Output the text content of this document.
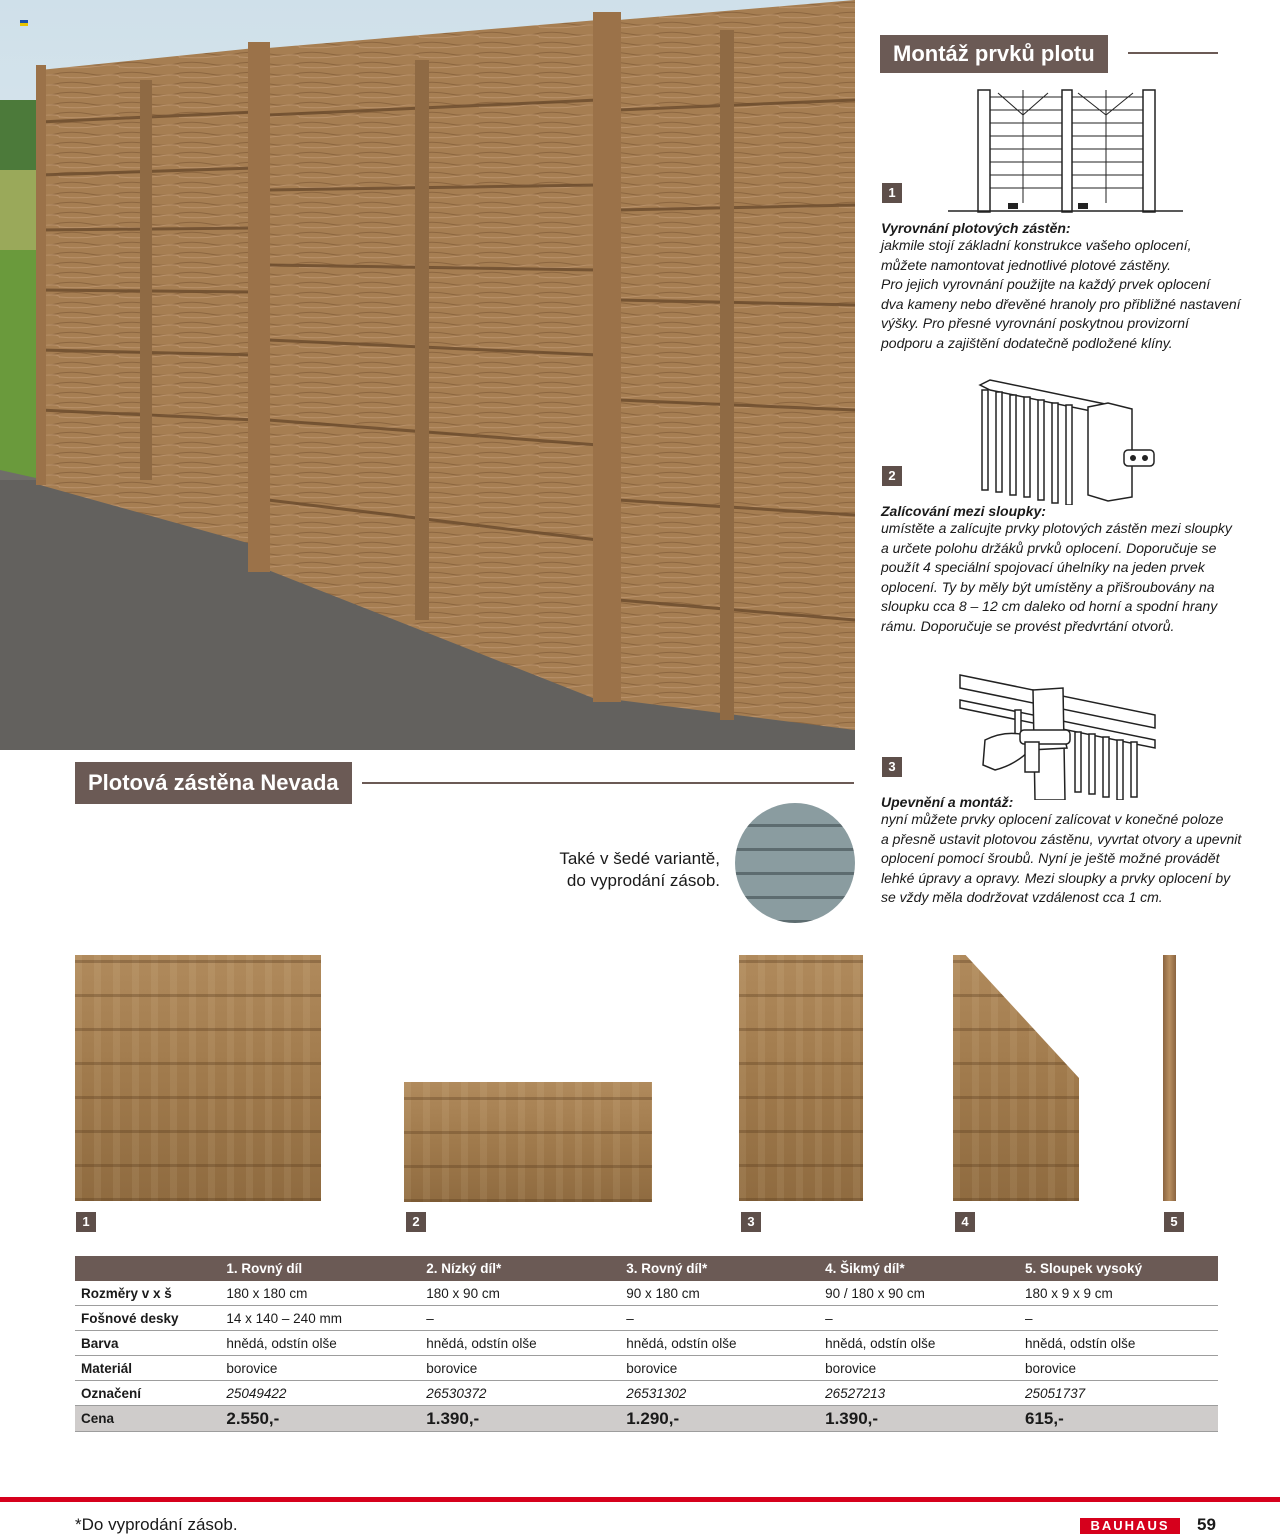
Montáž prvků plotu
1
Vyrovnání plotových zástěn:
jakmile stojí základní konstrukce vašeho oplocení,
můžete namontovat jednotlivé plotové zástěny.
Pro jejich vyrovnání použijte na každý prvek oplocení
dva kameny nebo dřevěné hranoly pro přibližné nastavení
výšky. Pro přesné vyrovnání poskytnou provizorní
podporu a zajištění dodatečně podložené klíny.
2
Zalícování mezi sloupky:
umístěte a zalícujte prvky plotových zástěn mezi sloupky
a určete polohu držáků prvků oplocení. Doporučuje se
použít 4 speciální spojovací úhelníky na jeden prvek
oplocení. Ty by měly být umístěny a přišroubovány na
sloupku cca 8 – 12 cm daleko od horní a spodní hrany
rámu. Doporučuje se provést předvrtání otvorů.
3
Upevnění a montáž:
nyní můžete prvky oplocení zalícovat v konečné poloze
a přesně ustavit plotovou zástěnu, vyvrtat otvory a upevnit
oplocení pomocí šroubů. Nyní je ještě možné provádět
lehké úpravy a opravy. Mezi sloupky a prvky oplocení by
se vždy měla dodržovat vzdálenost cca 1 cm.
Plotová zástěna Nevada
Také v šedé variantě,
do vyprodání zásob.
1	2	3	4	5
	1. Rovný díl	2. Nízký díl*	3. Rovný díl*	4. Šikmý díl*	5. Sloupek vysoký
Rozměry v x š	180 x 180 cm	180 x 90 cm	90 x 180 cm	90 / 180 x 90 cm	180 x 9 x 9 cm
Fošnové desky	14 x 140 – 240 mm	–	–	–	–
Barva	hnědá, odstín olše	hnědá, odstín olše	hnědá, odstín olše	hnědá, odstín olše	hnědá, odstín olše
Materiál	borovice	borovice	borovice	borovice	borovice
Označení	25049422	26530372	26531302	26527213	25051737
Cena	2.550,-	1.390,-	1.290,-	1.390,-	615,-
*Do vyprodání zásob.	BAUHAUS	59
